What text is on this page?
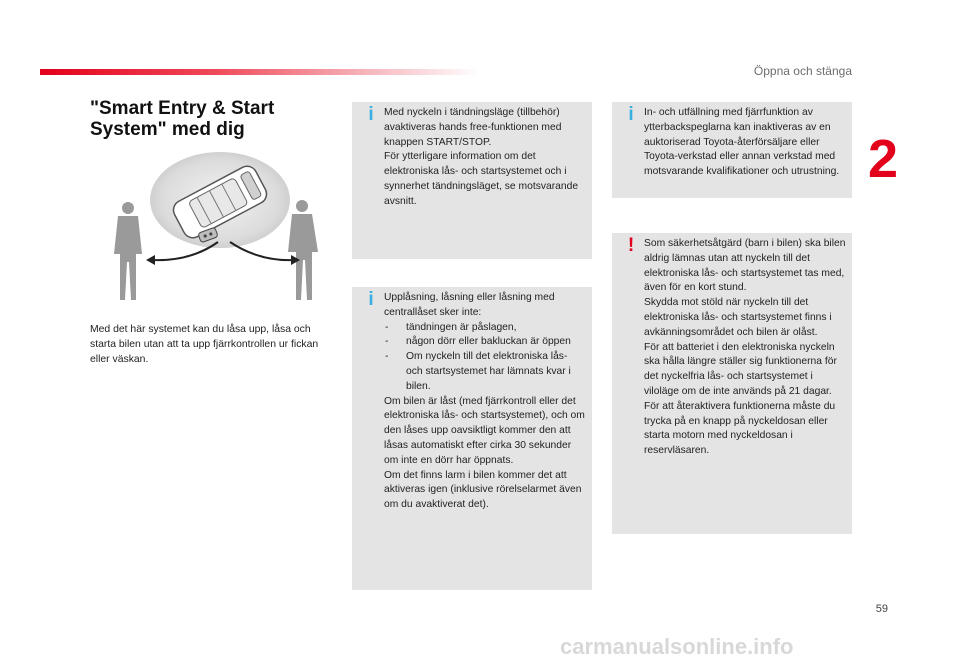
Öppna och stänga
2
"Smart Entry & Start System" med dig
Med det här systemet kan du låsa upp, låsa och starta bilen utan att ta upp fjärrkontrollen ur fickan eller väskan.
i	Med nyckeln i tändningsläge (tillbehör) avaktiveras hands free-funktionen med knappen START/STOP.

För ytterligare information om det elektroniska lås- och startsystemet och i synnerhet tändningsläget, se motsvarande avsnitt.

i	Upplåsning, låsning eller låsning med centrallåset sker inte:

- tändningen är påslagen,
- någon dörr eller bakluckan är öppen
- Om nyckeln till det elektroniska lås- och startsystemet har lämnats kvar i bilen.

Om bilen är låst (med fjärrkontroll eller det elektroniska lås- och startsystemet), och om den låses upp oavsiktligt kommer den att låsas automatiskt efter cirka 30 sekunder om inte en dörr har öppnats.

Om det finns larm i bilen kommer det att aktiveras igen (inklusive rörelselarmet även om du avaktiverat det).

i	In- och utfällning med fjärrfunktion av ytterbackspeglarna kan inaktiveras av en auktoriserad Toyota-återförsäljare eller Toyota-verkstad eller annan verkstad med motsvarande kvalifikationer och utrustning.

! Som säkerhetsåtgärd (barn i bilen) ska bilen aldrig lämnas utan att nyckeln till det elektroniska lås- och startsystemet tas med, även för en kort stund.

Skydda mot stöld när nyckeln till det elektroniska lås- och startsystemet finns i avkänningsområdet och bilen är olåst.

För att batteriet i den elektroniska nyckeln ska hålla längre ställer sig funktionerna för det nyckelfria lås- och startsystemet i viloläge om de inte används på 21 dagar.

För att återaktivera funktionerna måste du trycka på en knapp på nyckeldosan eller starta motorn med nyckeldosan i reservläsaren.

59
carmanualsonline.info
